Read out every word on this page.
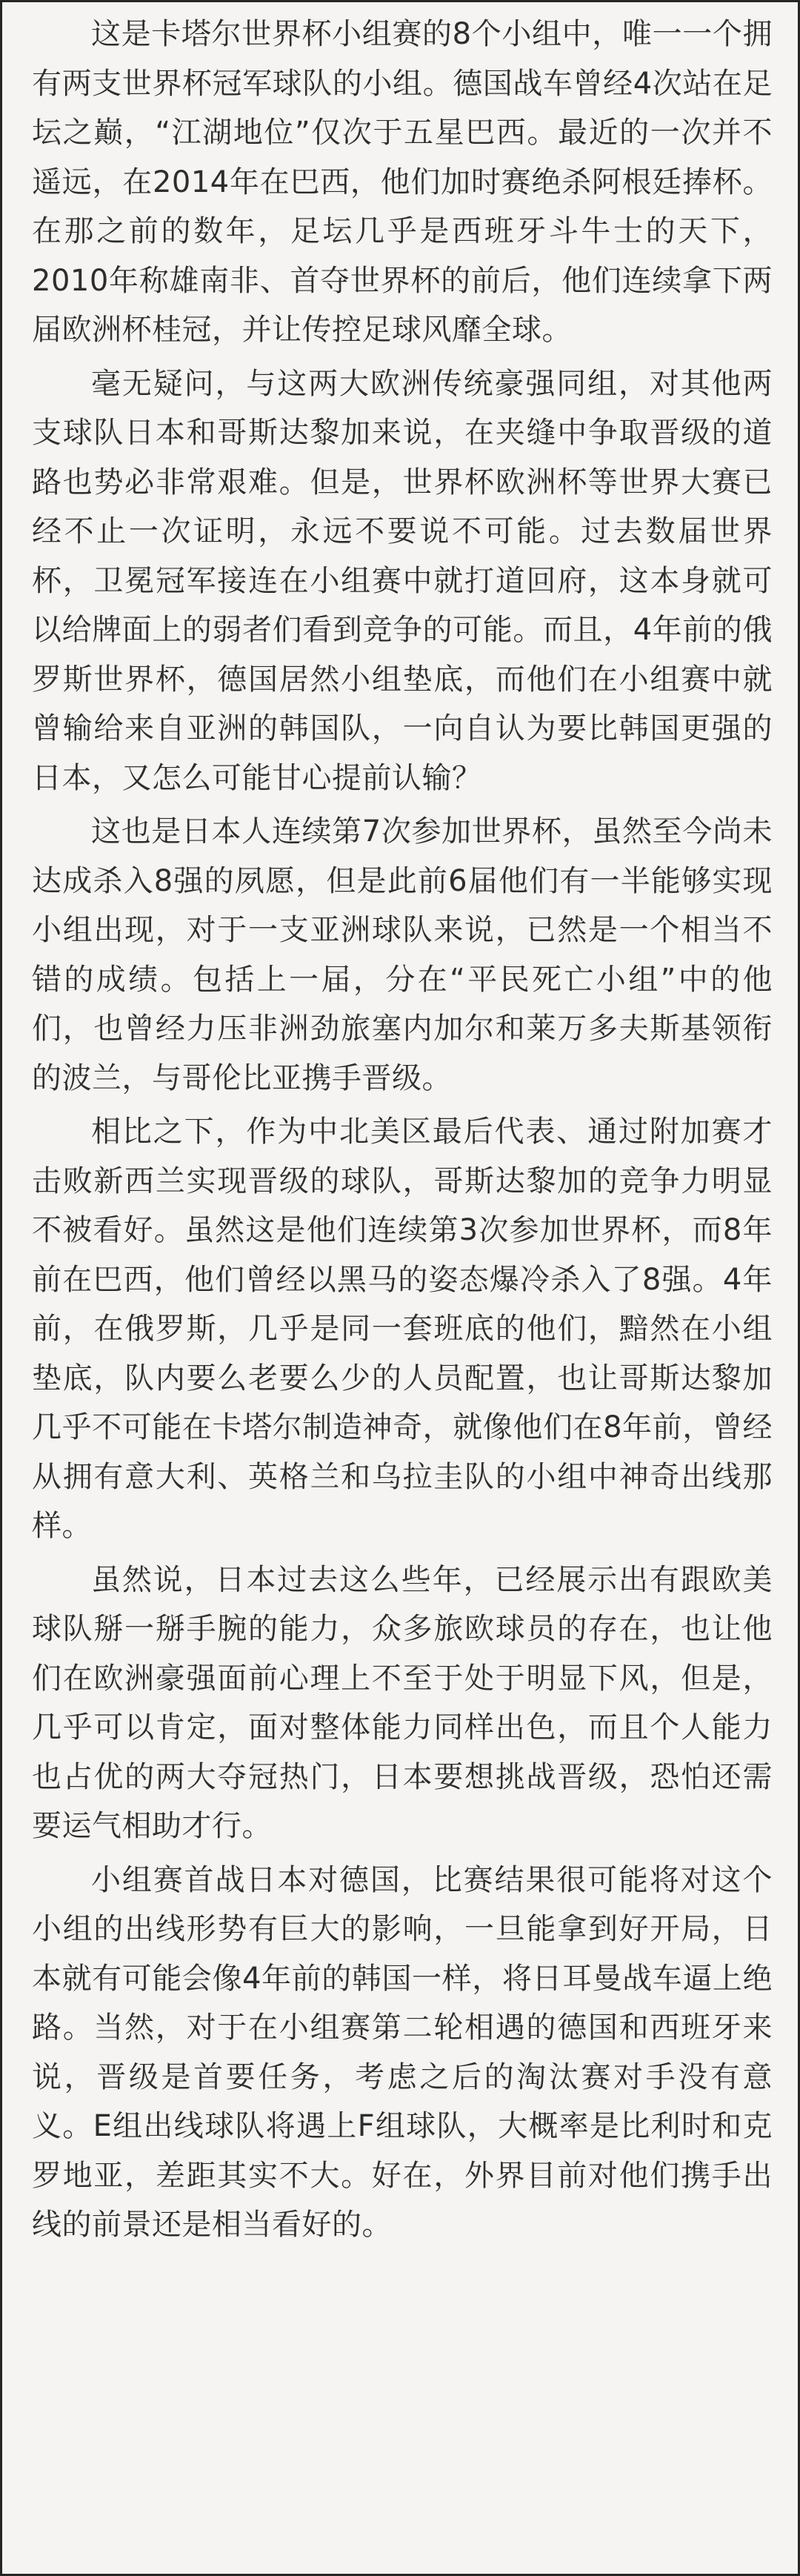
这是卡塔尔世界杯小组赛的8个小组中，唯一一个拥有两支世界杯冠军球队的小组。德国战车曾经4次站在足坛之巅，“江湖地位”仅次于五星巴西。最近的一次并不遥远，在2014年在巴西，他们加时赛绝杀阿根廷捧杯。在那之前的数年，足坛几乎是西班牙斗牛士的天下，2010年称雄南非、首夺世界杯的前后，他们连续拿下两届欧洲杯桂冠，并让传控足球风靡全球。

毫无疑问，与这两大欧洲传统豪强同组，对其他两支球队日本和哥斯达黎加来说，在夹缝中争取晋级的道路也势必非常艰难。但是，世界杯欧洲杯等世界大赛已经不止一次证明，永远不要说不可能。过去数届世界杯，卫冕冠军接连在小组赛中就打道回府，这本身就可以给牌面上的弱者们看到竞争的可能。而且，4年前的俄罗斯世界杯，德国居然小组垫底，而他们在小组赛中就曾输给来自亚洲的韩国队，一向自认为要比韩国更强的日本，又怎么可能甘心提前认输？

这也是日本人连续第7次参加世界杯，虽然至今尚未达成杀入8强的夙愿，但是此前6届他们有一半能够实现小组出现，对于一支亚洲球队来说，已然是一个相当不错的成绩。包括上一届，分在“平民死亡小组”中的他们，也曾经力压非洲劲旅塞内加尔和莱万多夫斯基领衔的波兰，与哥伦比亚携手晋级。

相比之下，作为中北美区最后代表、通过附加赛才击败新西兰实现晋级的球队，哥斯达黎加的竞争力明显不被看好。虽然这是他们连续第3次参加世界杯，而8年前在巴西，他们曾经以黑马的姿态爆冷杀入了8强。4年前，在俄罗斯，几乎是同一套班底的他们，黯然在小组垫底，队内要么老要么少的人员配置，也让哥斯达黎加几乎不可能在卡塔尔制造神奇，就像他们在8年前，曾经从拥有意大利、英格兰和乌拉圭队的小组中神奇出线那样。

虽然说，日本过去这么些年，已经展示出有跟欧美球队掰一掰手腕的能力，众多旅欧球员的存在，也让他们在欧洲豪强面前心理上不至于处于明显下风，但是，几乎可以肯定，面对整体能力同样出色，而且个人能力也占优的两大夺冠热门，日本要想挑战晋级，恐怕还需要运气相助才行。

小组赛首战日本对德国，比赛结果很可能将对这个小组的出线形势有巨大的影响，一旦能拿到好开局，日本就有可能会像4年前的韩国一样，将日耳曼战车逼上绝路。当然，对于在小组赛第二轮相遇的德国和西班牙来说，晋级是首要任务，考虑之后的淘汰赛对手没有意义。E组出线球队将遇上F组球队，大概率是比利时和克罗地亚，差距其实不大。好在，外界目前对他们携手出线的前景还是相当看好的。
